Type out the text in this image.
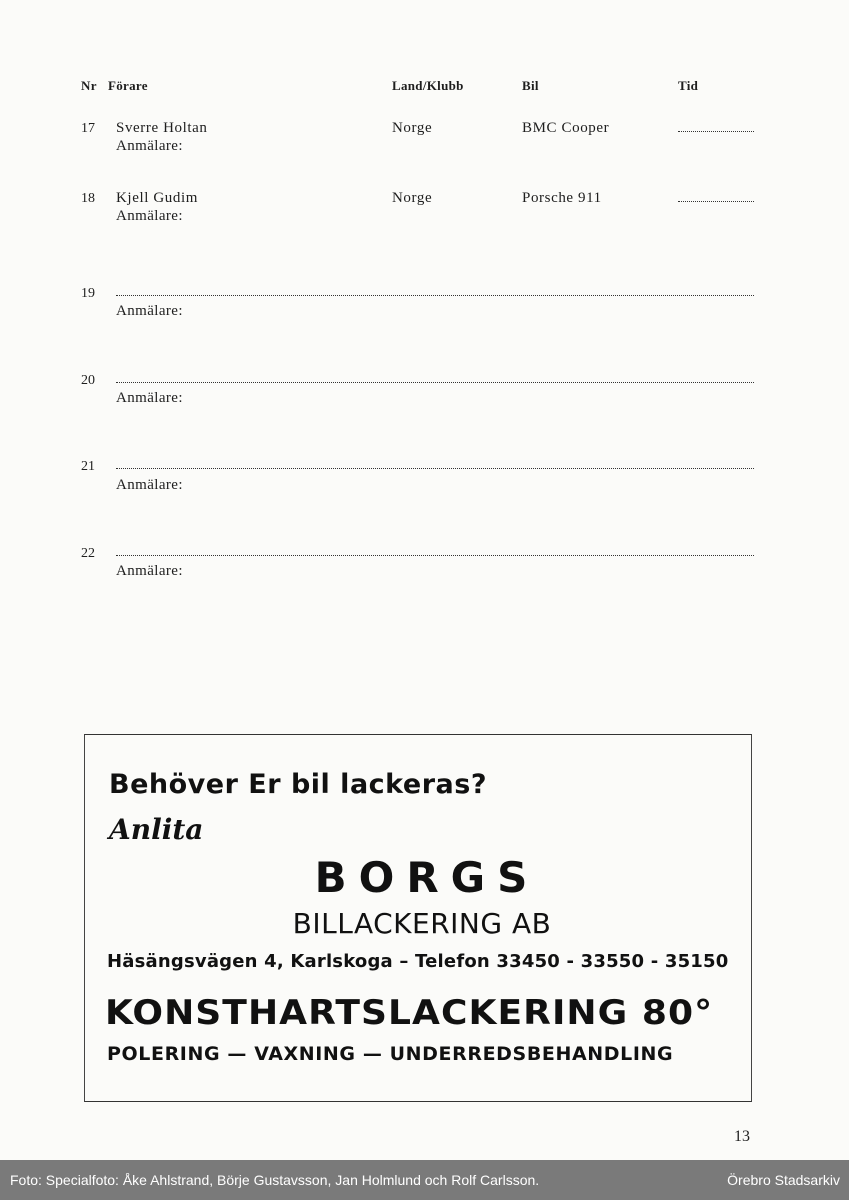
Nr Förare	Land/Klubb	Bil	Tid
17 Sverre Holtan	Norge	BMC Cooper
Anmälare:
18 Kjell Gudim	Norge	Porsche 911
Anmälare:
19
Anmälare:
20
Anmälare:
21
Anmälare:
22
Anmälare:
Behöver Er bil lackeras?
Anlita
BORGS
BILLACKERING AB
Häsängsvägen 4, Karlskoga – Telefon 33450 - 33550 - 35150
KONSTHARTSLACKERING 80°
POLERING — VAXNING — UNDERREDSBEHANDLING
13
Foto: Specialfoto: Åke Ahlstrand, Börje Gustavsson, Jan Holmlund och Rolf Carlsson.	Örebro Stadsarkiv
